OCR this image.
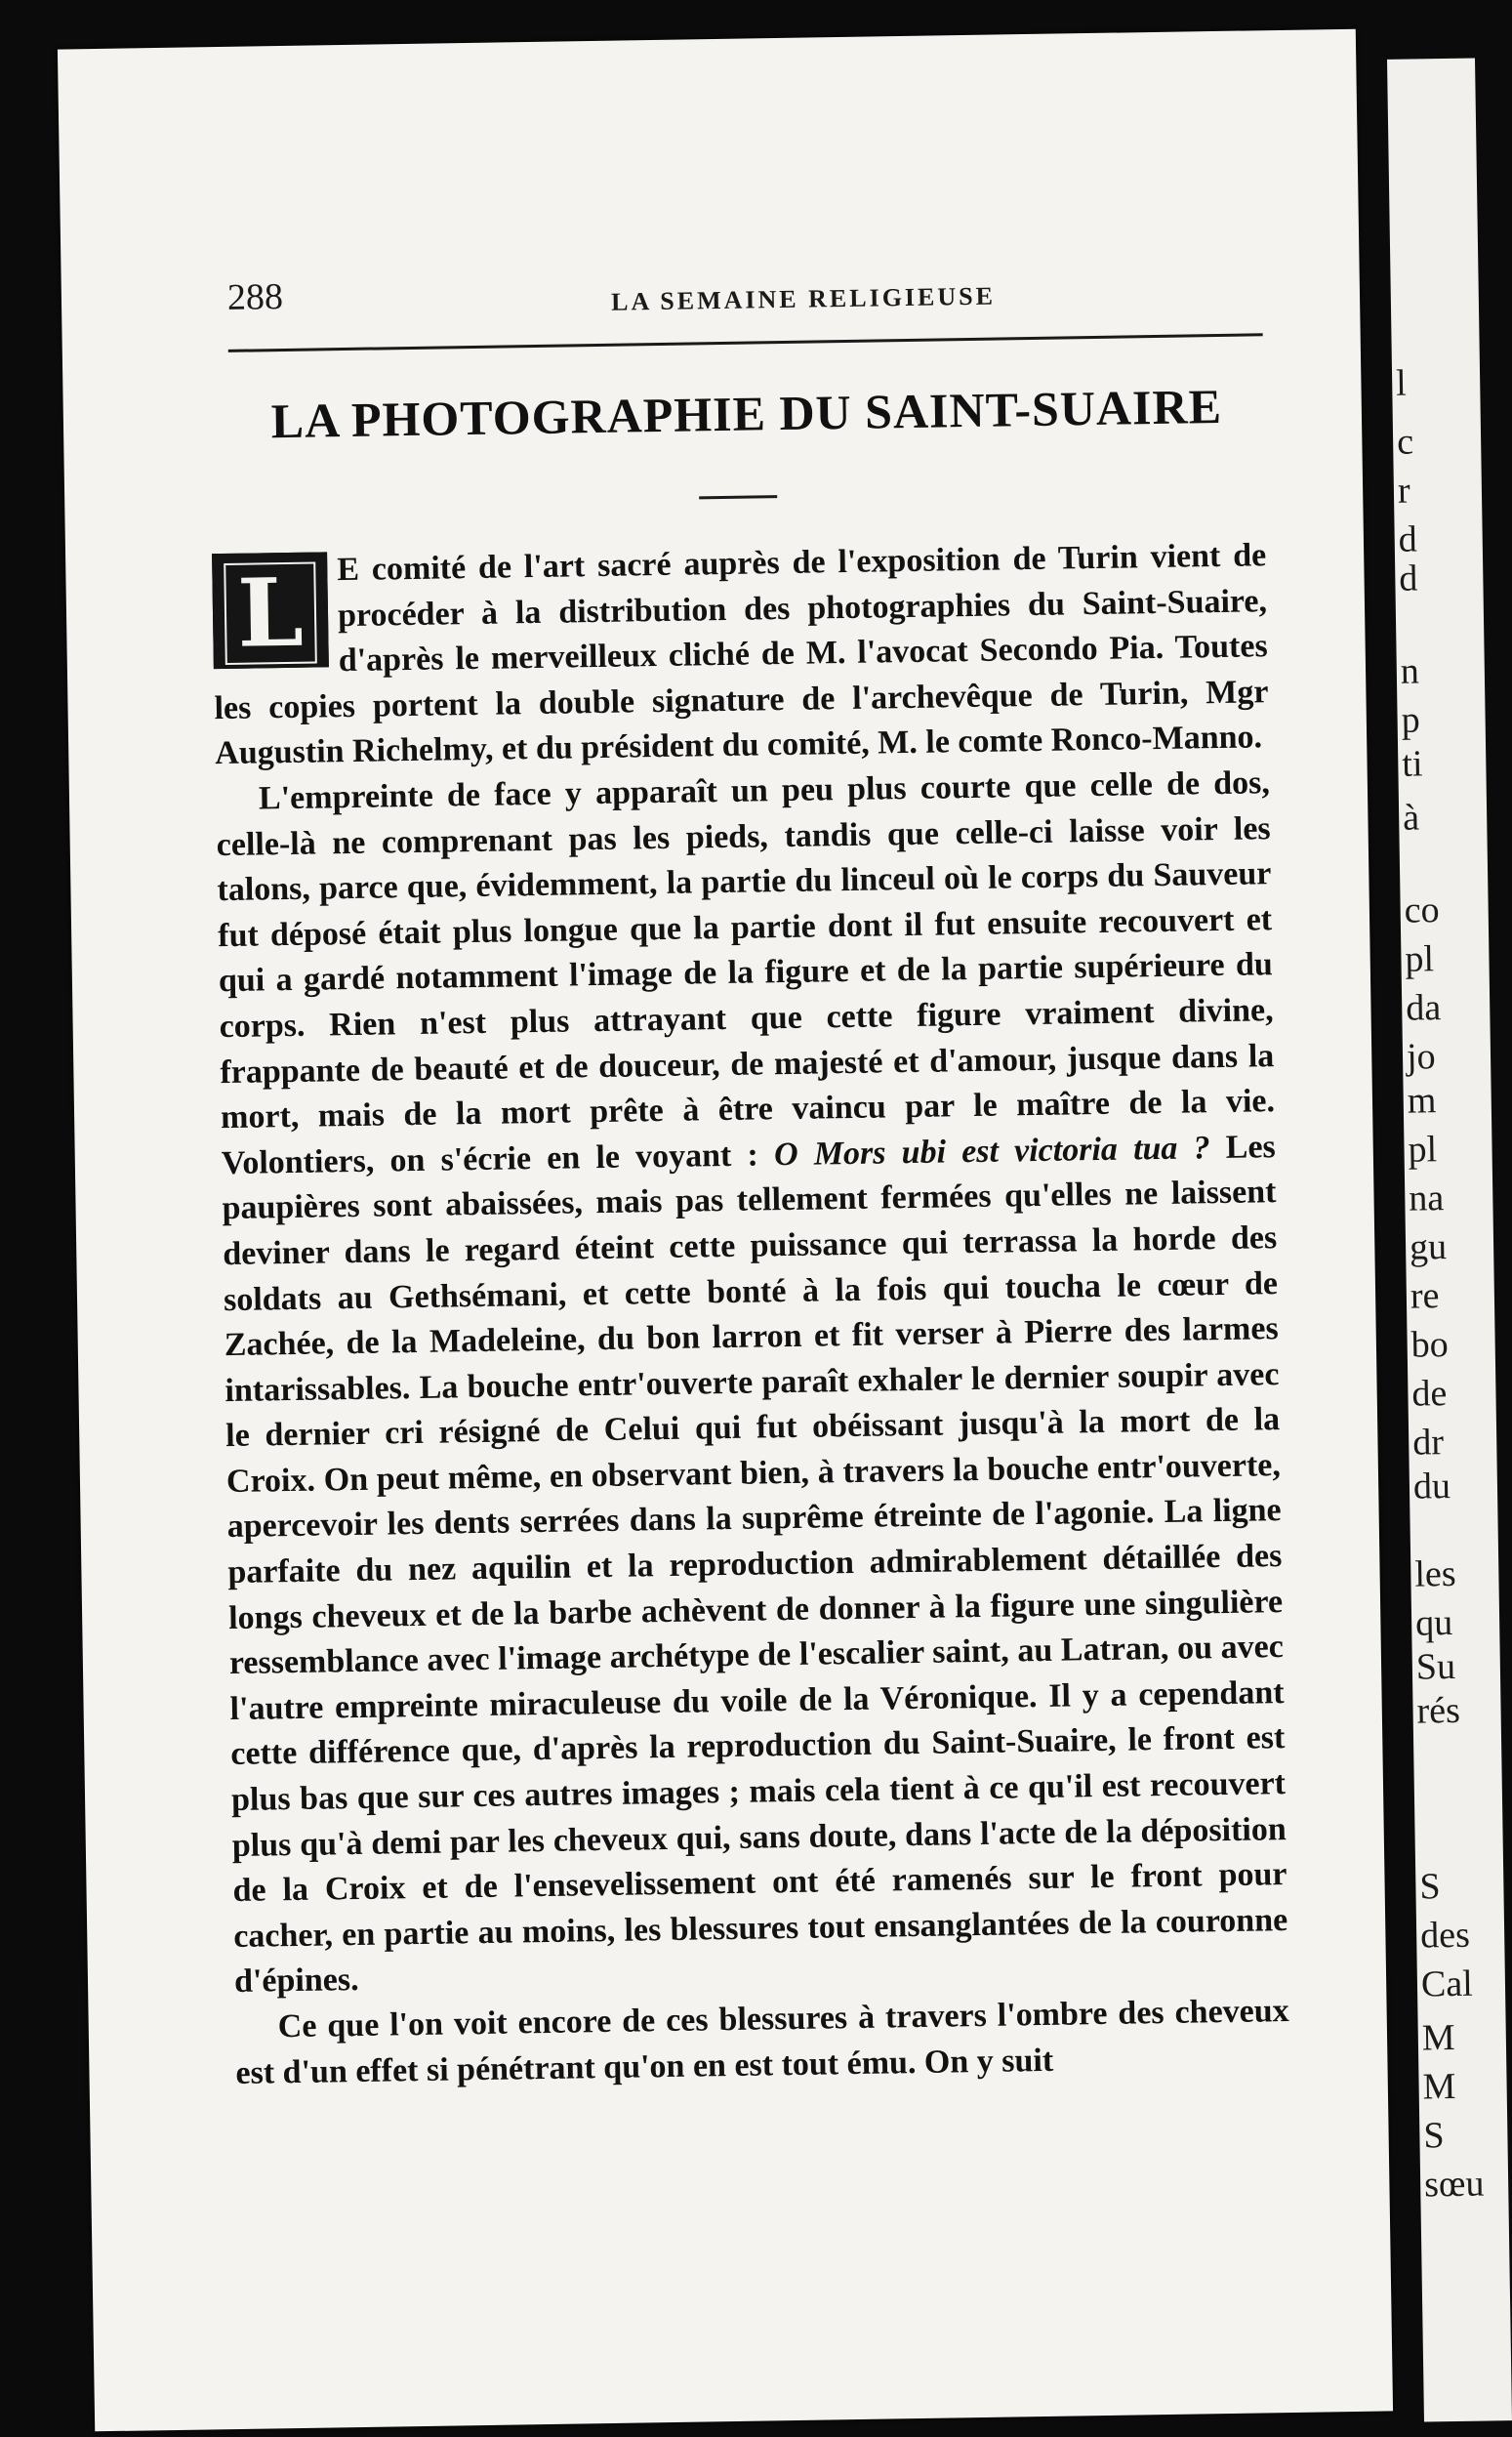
288	LA SEMAINE RELIGIEUSE
LA PHOTOGRAPHIE DU SAINT-SUAIRE

L E comité de l'art sacré auprès de l'exposition de Turin vient de procéder à la distribution des photographies du Saint-Suaire, d'après le merveilleux cliché de M. l'avocat Secondo Pia. Toutes les copies portent la double signature de l'archevêque de Turin, Mgr Augustin Richelmy, et du président du comité, M. le comte Ronco-Manno.

L'empreinte de face y apparaît un peu plus courte que celle de dos, celle-là ne comprenant pas les pieds, tandis que celle-ci laisse voir les talons, parce que, évidemment, la partie du linceul où le corps du Sauveur fut déposé était plus longue que la partie dont il fut ensuite recouvert et qui a gardé notamment l'image de la figure et de la partie supérieure du corps. Rien n'est plus attrayant que cette figure vraiment divine, frappante de beauté et de douceur, de majesté et d'amour, jusque dans la mort, mais de la mort prête à être vaincu par le maître de la vie. Volontiers, on s'écrie en le voyant : O Mors ubi est victoria tua ? Les paupières sont abaissées, mais pas tellement fermées qu'elles ne laissent deviner dans le regard éteint cette puissance qui terrassa la horde des soldats au Gethsémani, et cette bonté à la fois qui toucha le cœur de Zachée, de la Madeleine, du bon larron et fit verser à Pierre des larmes intarissables. La bouche entr'ouverte paraît exhaler le dernier soupir avec le dernier cri résigné de Celui qui fut obéissant jusqu'à la mort de la Croix. On peut même, en observant bien, à travers la bouche entr'ouverte, apercevoir les dents serrées dans la suprême étreinte de l'agonie. La ligne parfaite du nez aquilin et la reproduction admirablement détaillée des longs cheveux et de la barbe achèvent de donner à la figure une singulière ressemblance avec l'image archétype de l'escalier saint, au Latran, ou avec l'autre empreinte miraculeuse du voile de la Véronique. Il y a cependant cette différence que, d'après la reproduction du Saint-Suaire, le front est plus bas que sur ces autres images ; mais cela tient à ce qu'il est recouvert plus qu'à demi par les cheveux qui, sans doute, dans l'acte de la déposition de la Croix et de l'ensevelissement ont été ramenés sur le front pour cacher, en partie au moins, les blessures tout ensanglantées de la couronne d'épines.

Ce que l'on voit encore de ces blessures à travers l'ombre des cheveux est d'un effet si pénétrant qu'on en est tout ému. On y suit

l
c
r
d
d
n
p
ti
à
co
pl
da
jo
m
pl
na
gu
re
bo
de
dr
du
les
qu
Su
rés
S
des
Cal
M
M
S
sœu
